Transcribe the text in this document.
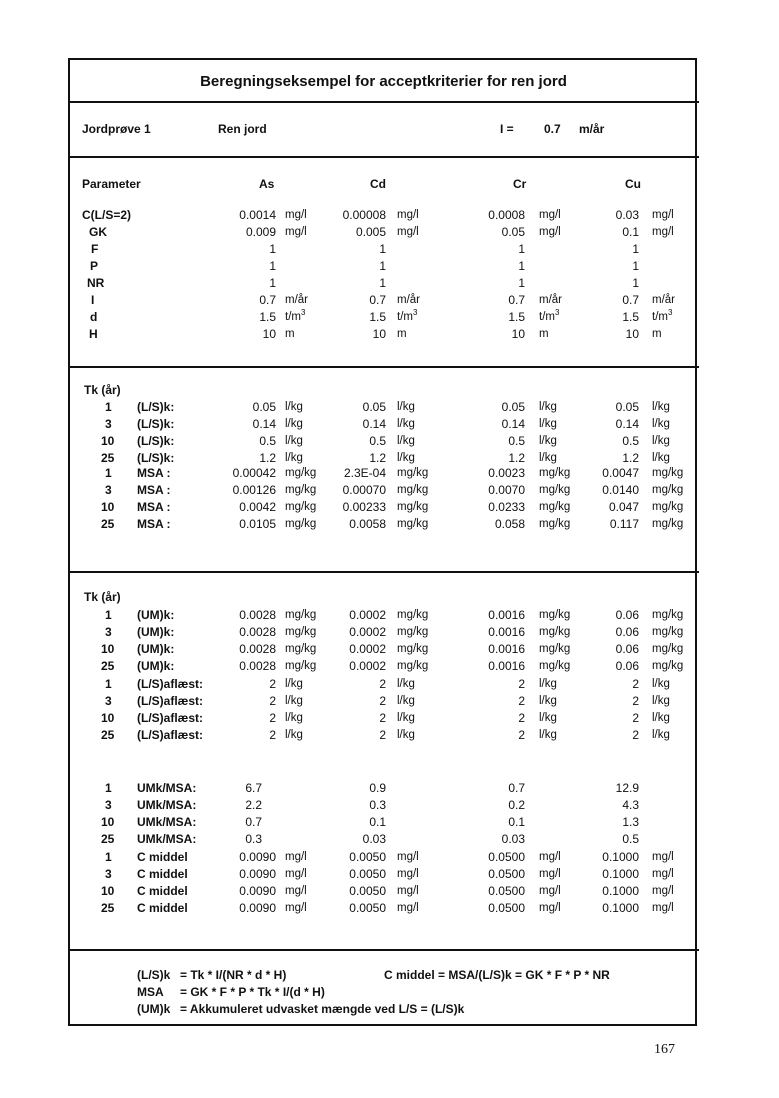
Beregningseksempel for acceptkriterier for ren jord
Jordprøve 1	Ren jord	I =	0.7 m/år
Parameter	As	Cd	Cr	Cu
C(L/S=2)	0.0014 mg/l	0.00008 mg/l	0.0008 mg/l	0.03 mg/l
GK	0.009 mg/l	0.005 mg/l	0.05 mg/l	0.1 mg/l
F	1	1	1	1
P	1	1	1	1
NR	1	1	1	1
I	0.7 m/år	0.7 m/år	0.7 m/år	0.7 m/år
d	1.5 $t/m^3$	1.5 $t/m^3$	1.5 $t/m^3$	1.5 $t/m^3$
H	10 m	10 m	10 m	10 m
1 (L/S)k:	0.05 l/kg	0.05 l/kg	0.05 l/kg	0.05 l/kg
3 (L/S)k:	0.14 l/kg	0.14 l/kg	0.14 l/kg	0.14 l/kg
10 (L/S)k:	0.5 l/kg	0.5 l/kg	0.5 l/kg	0.5 l/kg
25 (L/S)k:	1.2 l/kg	1.2 l/kg	1.2 l/kg	1.2 l/kg
1 MSA :	0.00042 mg/kg	2.3E-04 mg/kg	0.0023 mg/kg	0.0047 mg/kg
3 MSA :	0.00126 mg/kg	0.00070 mg/kg	0.0070 mg/kg	0.0140 mg/kg
10 MSA :	0.0042 mg/kg	0.00233 mg/kg	0.0233 mg/kg	0.047 mg/kg
25 MSA :	0.0105 mg/kg	0.0058 mg/kg	0.058 mg/kg	0.117 mg/kg
1 (UM)k:	0.0028 mg/kg	0.0002 mg/kg	0.0016 mg/kg	0.06 mg/kg
3 (UM)k:	0.0028 mg/kg	0.0002 mg/kg	0.0016 mg/kg	0.06 mg/kg
10 (UM)k:	0.0028 mg/kg	0.0002 mg/kg	0.0016 mg/kg	0.06 mg/kg
25 (UM)k:	0.0028 mg/kg	0.0002 mg/kg	0.0016 mg/kg	0.06 mg/kg
1 (L/S)aflæst:	2 l/kg	2 l/kg	2 l/kg	2 l/kg
3 (L/S)aflæst:	2 l/kg	2 l/kg	2 l/kg	2 l/kg
10 (L/S)aflæst:	2 l/kg	2 l/kg	2 l/kg	2 l/kg
25 (L/S)aflæst:	2 l/kg	2 l/kg	2 l/kg	2 l/kg
1 UMk/MSA:	6.7	0.9	0.7	12.9
3 UMk/MSA:	2.2	0.3	0.2	4.3
10 UMk/MSA:	0.7	0.1	0.1	1.3
25 UMk/MSA:	0.3	0.03	0.03	0.5
1 C middel	0.0090 mg/l	0.0050 mg/l	0.0500 mg/l	0.1000 mg/l
3 C middel	0.0090 mg/l	0.0050 mg/l	0.0500 mg/l	0.1000 mg/l
10 C middel	0.0090 mg/l	0.0050 mg/l	0.0500 mg/l	0.1000 mg/l
25 C middel	0.0090 mg/l	0.0050 mg/l	0.0500 mg/l	0.1000 mg/l
Tk (år)
Tk (år)
(L/S)k = Tk * I/(NR * d * H)
MSA = GK * F * P * Tk * I/(d * H)
(UM)k = Akkumuleret udvasket mængde ved L/S = (L/S)k
C middel = MSA/(L/S)k = GK * F * P * NR
167
